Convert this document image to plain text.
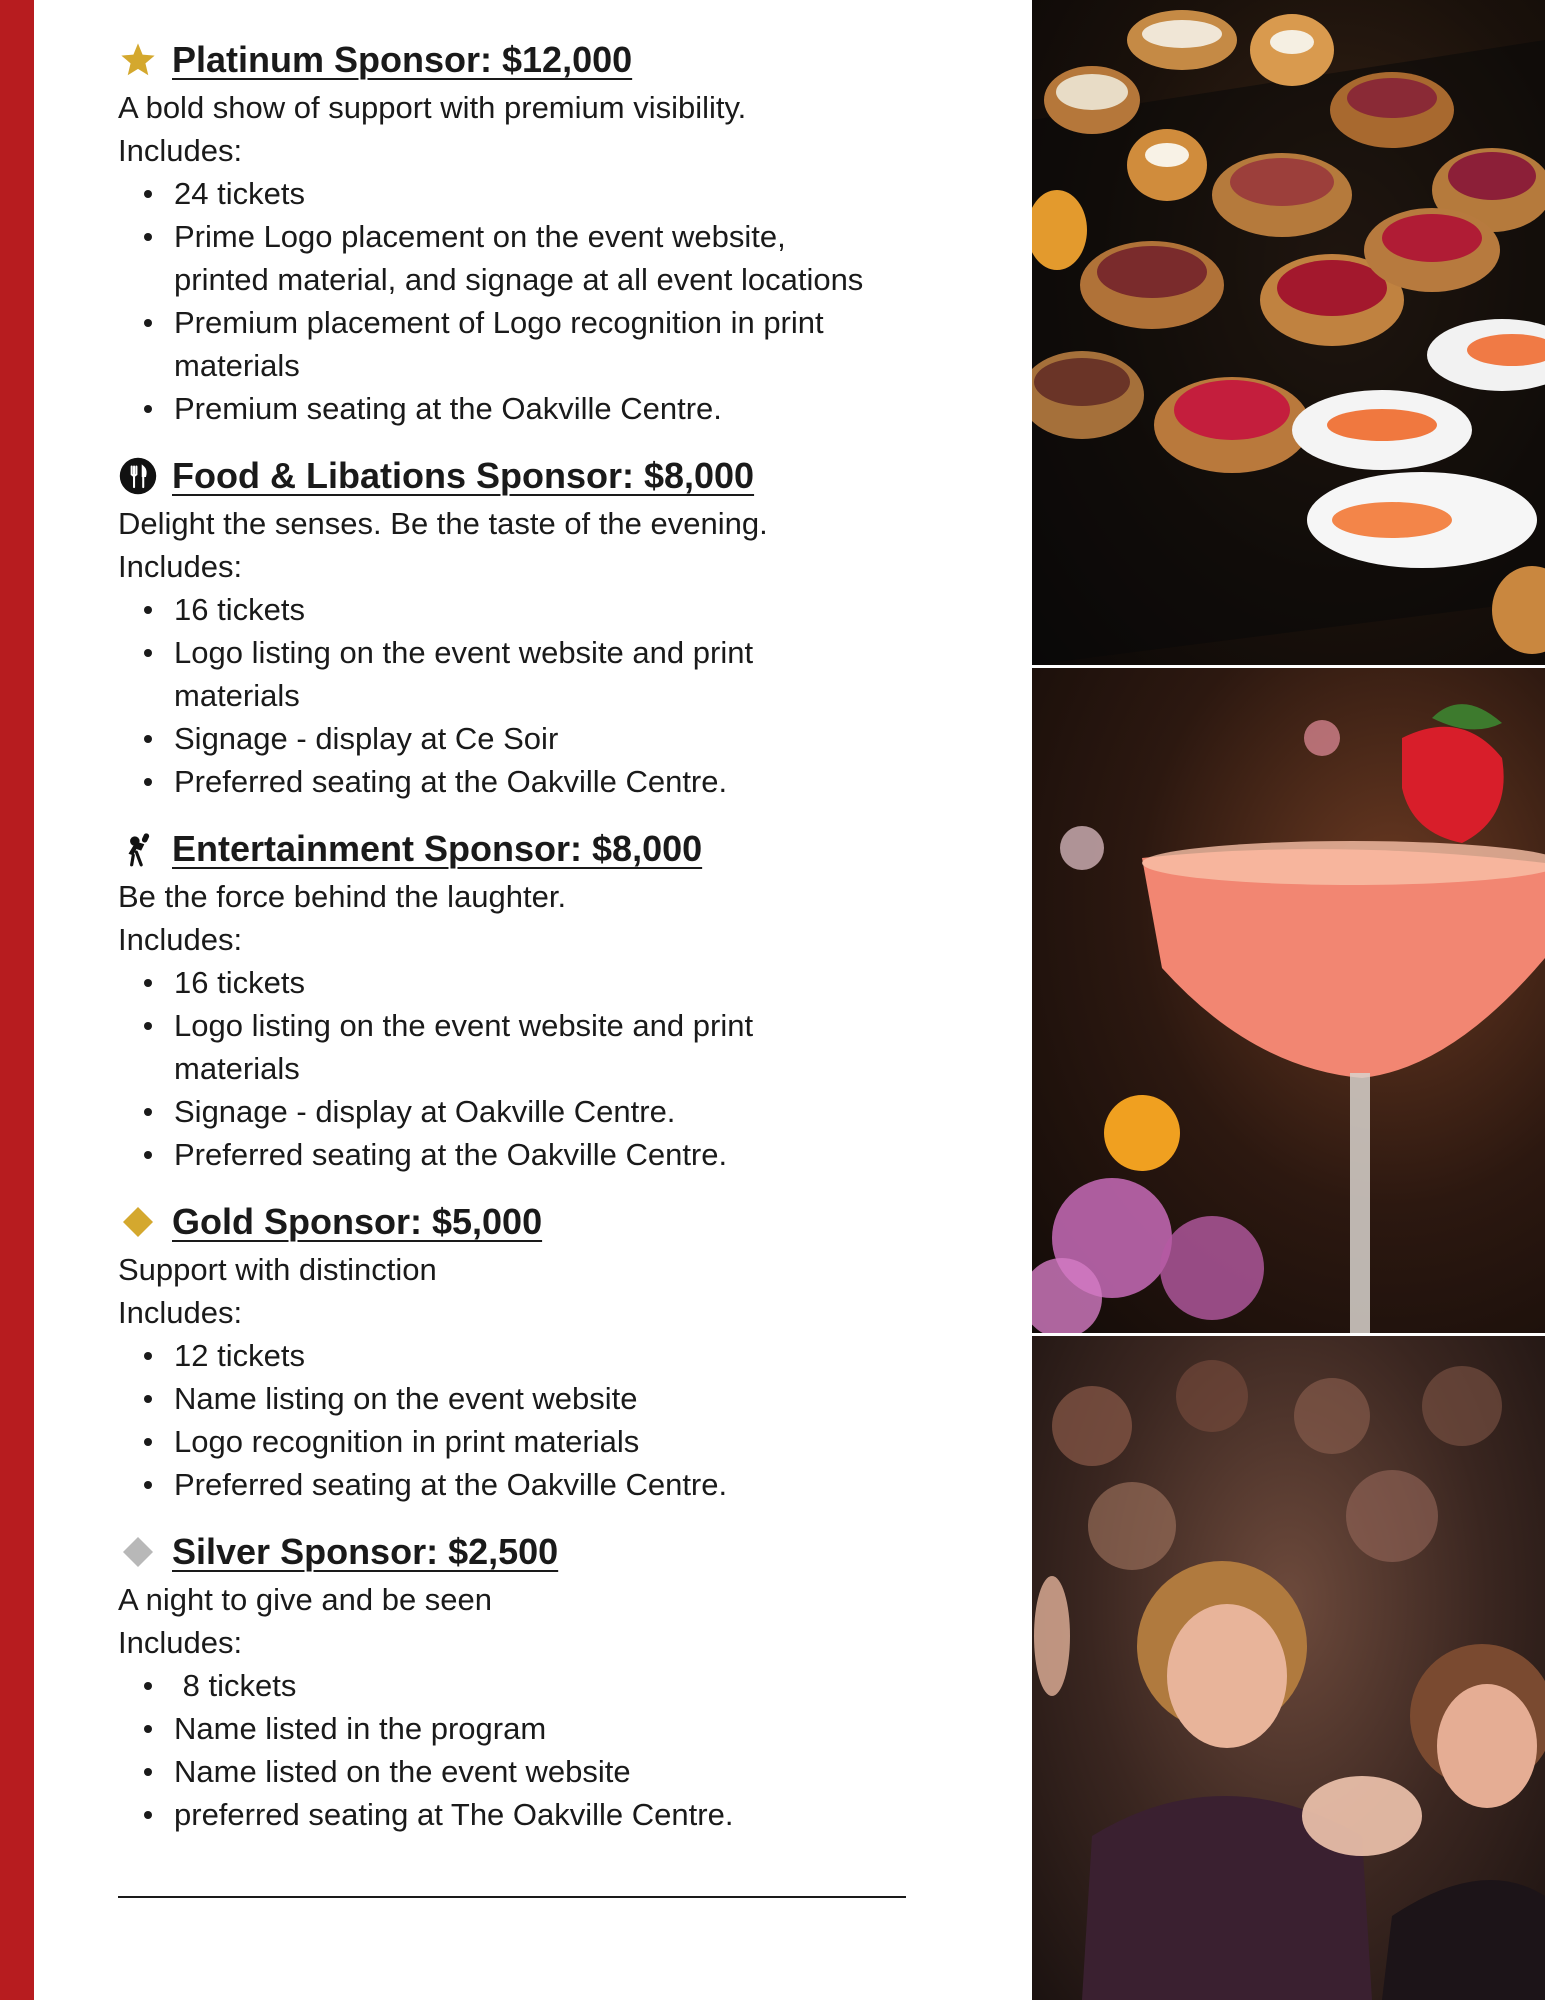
Platinum Sponsor: $12,000
A bold show of support with premium visibility.
Includes:
24 tickets
Prime Logo placement on the event website,
printed material, and signage at all event locations
Premium placement of Logo recognition in print
materials
Premium seating at the Oakville Centre.
Food & Libations Sponsor: $8,000
Delight the senses. Be the taste of the evening.
Includes:
16 tickets
Logo listing on the event website and print
materials
Signage - display at Ce Soir
Preferred seating at the Oakville Centre.
Entertainment Sponsor: $8,000
Be the force behind the laughter.
Includes:
16 tickets
Logo listing on the event website and print
materials
Signage - display at Oakville Centre.
Preferred seating at the Oakville Centre.
Gold Sponsor: $5,000
Support with distinction
Includes:
12 tickets
Name listing on the event website
Logo recognition in print materials
Preferred seating at the Oakville Centre.
Silver Sponsor: $2,500
A night to give and be seen
Includes:
8 tickets
Name listed in the program
Name listed on the event website
preferred seating at The Oakville Centre.
